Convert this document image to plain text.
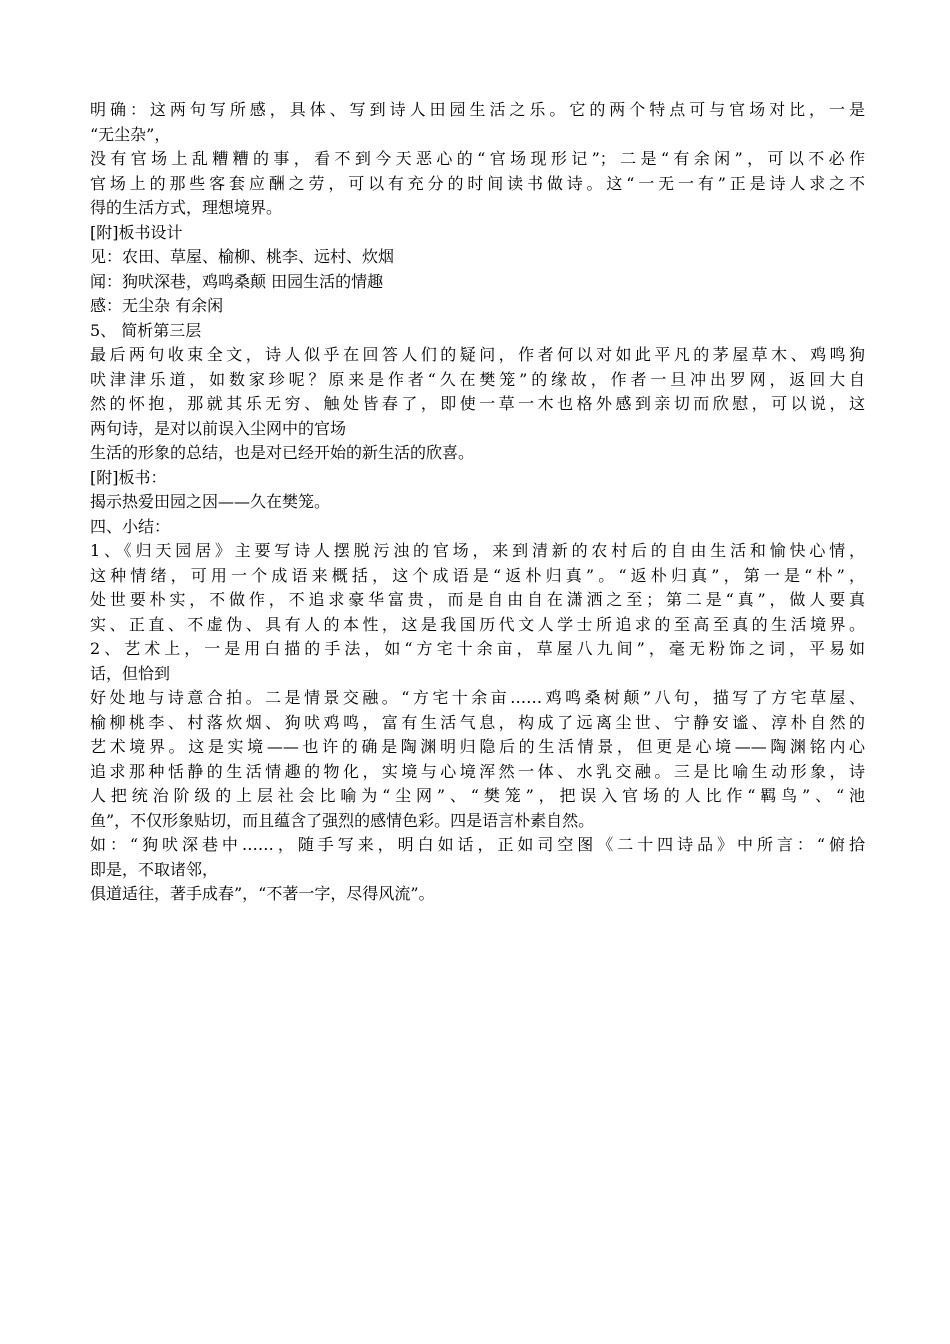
明确：这两句写所感，具体、写到诗人田园生活之乐。它的两个特点可与官场对比，一是
“无尘杂”，
没有官场上乱糟糟的事，看不到今天恶心的“官场现形记”；二是“有余闲”，可以不必作
官场上的那些客套应酬之劳，可以有充分的时间读书做诗。这“一无一有”正是诗人求之不
得的生活方式，理想境界。
[附]板书设计
见：农田、草屋、榆柳、桃李、远村、炊烟
闻：狗吠深巷，鸡鸣桑颠 田园生活的情趣
感：无尘杂 有余闲
5、 简析第三层
最后两句收束全文，诗人似乎在回答人们的疑问，作者何以对如此平凡的茅屋草木、鸡鸣狗
吠津津乐道，如数家珍呢？原来是作者“久在樊笼”的缘故，作者一旦冲出罗网，返回大自
然的怀抱，那就其乐无穷、触处皆春了，即使一草一木也格外感到亲切而欣慰，可以说，这
两句诗，是对以前误入尘网中的官场
生活的形象的总结，也是对已经开始的新生活的欣喜。
[附]板书：
揭示热爱田园之因——久在樊笼。
四、小结：
1、《归天园居》主要写诗人摆脱污浊的官场，来到清新的农村后的自由生活和愉快心情，
这种情绪，可用一个成语来概括，这个成语是“返朴归真”。“返朴归真”，第一是“朴”，
处世要朴实，不做作，不追求豪华富贵，而是自由自在潇洒之至；第二是“真”，做人要真
实、正直、不虚伪、具有人的本性，这是我国历代文人学士所追求的至高至真的生活境界。
2、艺术上，一是用白描的手法，如“方宅十余亩，草屋八九间”，毫无粉饰之词，平易如
话，但恰到
好处地与诗意合拍。二是情景交融。“方宅十余亩……鸡鸣桑树颠”八句，描写了方宅草屋、
榆柳桃李、村落炊烟、狗吠鸡鸣，富有生活气息，构成了远离尘世、宁静安谧、淳朴自然的
艺术境界。这是实境——也许的确是陶渊明归隐后的生活情景，但更是心境——陶渊铭内心
追求那种恬静的生活情趣的物化，实境与心境浑然一体、水乳交融。三是比喻生动形象，诗
人把统治阶级的上层社会比喻为“尘网”、“樊笼”，把误入官场的人比作“羁鸟”、“池
鱼”，不仅形象贴切，而且蕴含了强烈的感情色彩。四是语言朴素自然。
如：“狗吠深巷中……，随手写来，明白如话，正如司空图《二十四诗品》中所言：“俯拾
即是，不取诸邻，
俱道适往，著手成春”，“不著一字，尽得风流”。
